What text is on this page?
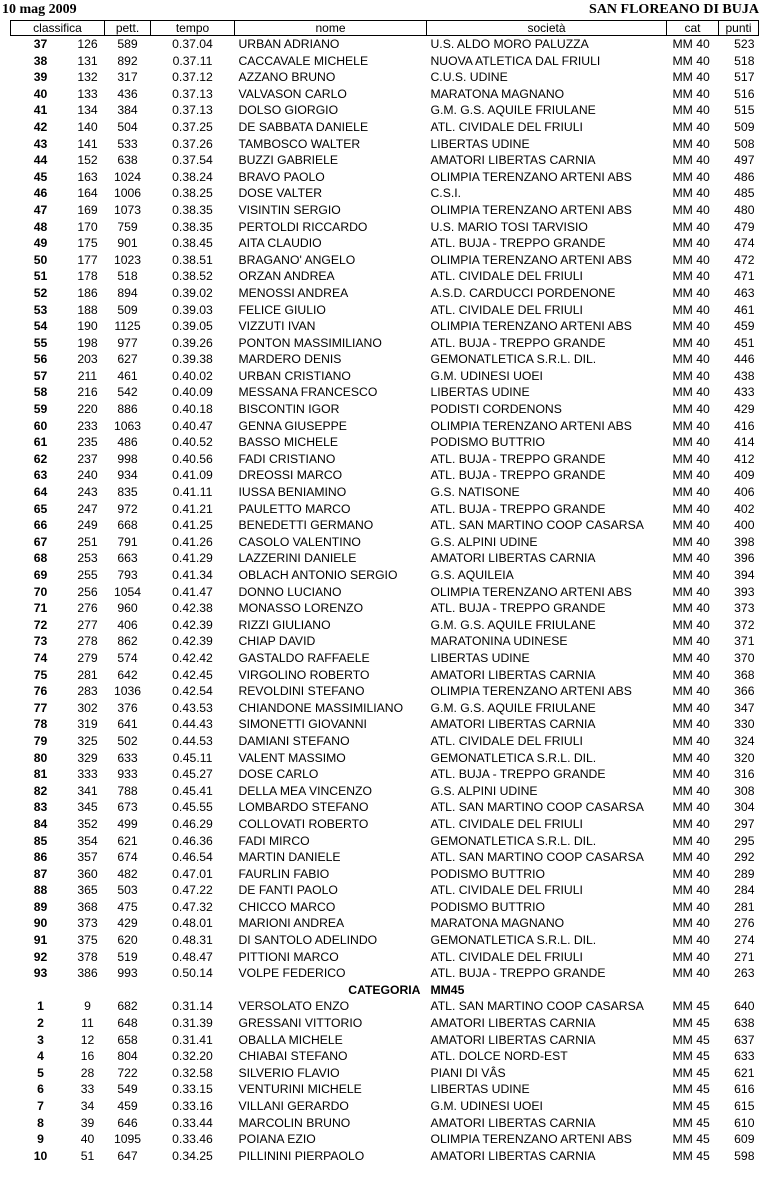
10 mag 2009	SAN FLOREANO DI BUJA
classifica		pett.	tempo	nome	società	cat	punti
37	126	589	0.37.04	URBAN ADRIANO	U.S. ALDO MORO PALUZZA	MM 40	523
38	131	892	0.37.11	CACCAVALE MICHELE	NUOVA ATLETICA DAL FRIULI	MM 40	518
39	132	317	0.37.12	AZZANO BRUNO	C.U.S. UDINE	MM 40	517
40	133	436	0.37.13	VALVASON CARLO	MARATONA MAGNANO	MM 40	516
41	134	384	0.37.13	DOLSO GIORGIO	G.M. G.S. AQUILE FRIULANE	MM 40	515
42	140	504	0.37.25	DE SABBATA DANIELE	ATL. CIVIDALE DEL FRIULI	MM 40	509
43	141	533	0.37.26	TAMBOSCO WALTER	LIBERTAS UDINE	MM 40	508
44	152	638	0.37.54	BUZZI GABRIELE	AMATORI LIBERTAS CARNIA	MM 40	497
45	163	1024	0.38.24	BRAVO PAOLO	OLIMPIA TERENZANO ARTENI ABS	MM 40	486
46	164	1006	0.38.25	DOSE VALTER	C.S.I.	MM 40	485
47	169	1073	0.38.35	VISINTIN SERGIO	OLIMPIA TERENZANO ARTENI ABS	MM 40	480
48	170	759	0.38.35	PERTOLDI RICCARDO	U.S. MARIO TOSI TARVISIO	MM 40	479
49	175	901	0.38.45	AITA CLAUDIO	ATL. BUJA - TREPPO GRANDE	MM 40	474
50	177	1023	0.38.51	BRAGANO' ANGELO	OLIMPIA TERENZANO ARTENI ABS	MM 40	472
51	178	518	0.38.52	ORZAN ANDREA	ATL. CIVIDALE DEL FRIULI	MM 40	471
52	186	894	0.39.02	MENOSSI ANDREA	A.S.D. CARDUCCI PORDENONE	MM 40	463
53	188	509	0.39.03	FELICE GIULIO	ATL. CIVIDALE DEL FRIULI	MM 40	461
54	190	1125	0.39.05	VIZZUTI IVAN	OLIMPIA TERENZANO ARTENI ABS	MM 40	459
55	198	977	0.39.26	PONTON MASSIMILIANO	ATL. BUJA - TREPPO GRANDE	MM 40	451
56	203	627	0.39.38	MARDERO DENIS	GEMONATLETICA S.R.L. DIL.	MM 40	446
57	211	461	0.40.02	URBAN CRISTIANO	G.M. UDINESI UOEI	MM 40	438
58	216	542	0.40.09	MESSANA FRANCESCO	LIBERTAS UDINE	MM 40	433
59	220	886	0.40.18	BISCONTIN IGOR	PODISTI CORDENONS	MM 40	429
60	233	1063	0.40.47	GENNA GIUSEPPE	OLIMPIA TERENZANO ARTENI ABS	MM 40	416
61	235	486	0.40.52	BASSO MICHELE	PODISMO BUTTRIO	MM 40	414
62	237	998	0.40.56	FADI CRISTIANO	ATL. BUJA - TREPPO GRANDE	MM 40	412
63	240	934	0.41.09	DREOSSI MARCO	ATL. BUJA - TREPPO GRANDE	MM 40	409
64	243	835	0.41.11	IUSSA BENIAMINO	G.S. NATISONE	MM 40	406
65	247	972	0.41.21	PAULETTO MARCO	ATL. BUJA - TREPPO GRANDE	MM 40	402
66	249	668	0.41.25	BENEDETTI GERMANO	ATL. SAN MARTINO COOP CASARSA	MM 40	400
67	251	791	0.41.26	CASOLO VALENTINO	G.S. ALPINI UDINE	MM 40	398
68	253	663	0.41.29	LAZZERINI DANIELE	AMATORI LIBERTAS CARNIA	MM 40	396
69	255	793	0.41.34	OBLACH ANTONIO SERGIO	G.S. AQUILEIA	MM 40	394
70	256	1054	0.41.47	DONNO LUCIANO	OLIMPIA TERENZANO ARTENI ABS	MM 40	393
71	276	960	0.42.38	MONASSO LORENZO	ATL. BUJA - TREPPO GRANDE	MM 40	373
72	277	406	0.42.39	RIZZI GIULIANO	G.M. G.S. AQUILE FRIULANE	MM 40	372
73	278	862	0.42.39	CHIAP DAVID	MARATONINA UDINESE	MM 40	371
74	279	574	0.42.42	GASTALDO RAFFAELE	LIBERTAS UDINE	MM 40	370
75	281	642	0.42.45	VIRGOLINO ROBERTO	AMATORI LIBERTAS CARNIA	MM 40	368
76	283	1036	0.42.54	REVOLDINI STEFANO	OLIMPIA TERENZANO ARTENI ABS	MM 40	366
77	302	376	0.43.53	CHIANDONE MASSIMILIANO	G.M. G.S. AQUILE FRIULANE	MM 40	347
78	319	641	0.44.43	SIMONETTI GIOVANNI	AMATORI LIBERTAS CARNIA	MM 40	330
79	325	502	0.44.53	DAMIANI STEFANO	ATL. CIVIDALE DEL FRIULI	MM 40	324
80	329	633	0.45.11	VALENT MASSIMO	GEMONATLETICA S.R.L. DIL.	MM 40	320
81	333	933	0.45.27	DOSE CARLO	ATL. BUJA - TREPPO GRANDE	MM 40	316
82	341	788	0.45.41	DELLA MEA VINCENZO	G.S. ALPINI UDINE	MM 40	308
83	345	673	0.45.55	LOMBARDO STEFANO	ATL. SAN MARTINO COOP CASARSA	MM 40	304
84	352	499	0.46.29	COLLOVATI ROBERTO	ATL. CIVIDALE DEL FRIULI	MM 40	297
85	354	621	0.46.36	FADI MIRCO	GEMONATLETICA S.R.L. DIL.	MM 40	295
86	357	674	0.46.54	MARTIN DANIELE	ATL. SAN MARTINO COOP CASARSA	MM 40	292
87	360	482	0.47.01	FAURLIN FABIO	PODISMO BUTTRIO	MM 40	289
88	365	503	0.47.22	DE FANTI PAOLO	ATL. CIVIDALE DEL FRIULI	MM 40	284
89	368	475	0.47.32	CHICCO MARCO	PODISMO BUTTRIO	MM 40	281
90	373	429	0.48.01	MARIONI ANDREA	MARATONA MAGNANO	MM 40	276
91	375	620	0.48.31	DI SANTOLO ADELINDO	GEMONATLETICA S.R.L. DIL.	MM 40	274
92	378	519	0.48.47	PITTIONI MARCO	ATL. CIVIDALE DEL FRIULI	MM 40	271
93	386	993	0.50.14	VOLPE FEDERICO	ATL. BUJA - TREPPO GRANDE	MM 40	263
CATEGORIA					MM45		
1	9	682	0.31.14	VERSOLATO ENZO	ATL. SAN MARTINO COOP CASARSA	MM 45	640
2	11	648	0.31.39	GRESSANI VITTORIO	AMATORI LIBERTAS CARNIA	MM 45	638
3	12	658	0.31.41	OBALLA MICHELE	AMATORI LIBERTAS CARNIA	MM 45	637
4	16	804	0.32.20	CHIABAI STEFANO	ATL. DOLCE NORD-EST	MM 45	633
5	28	722	0.32.58	SILVERIO FLAVIO	PIANI DI VÂS	MM 45	621
6	33	549	0.33.15	VENTURINI MICHELE	LIBERTAS UDINE	MM 45	616
7	34	459	0.33.16	VILLANI GERARDO	G.M. UDINESI UOEI	MM 45	615
8	39	646	0.33.44	MARCOLIN BRUNO	AMATORI LIBERTAS CARNIA	MM 45	610
9	40	1095	0.33.46	POIANA EZIO	OLIMPIA TERENZANO ARTENI ABS	MM 45	609
10	51	647	0.34.25	PILLININI PIERPAOLO	AMATORI LIBERTAS CARNIA	MM 45	598
